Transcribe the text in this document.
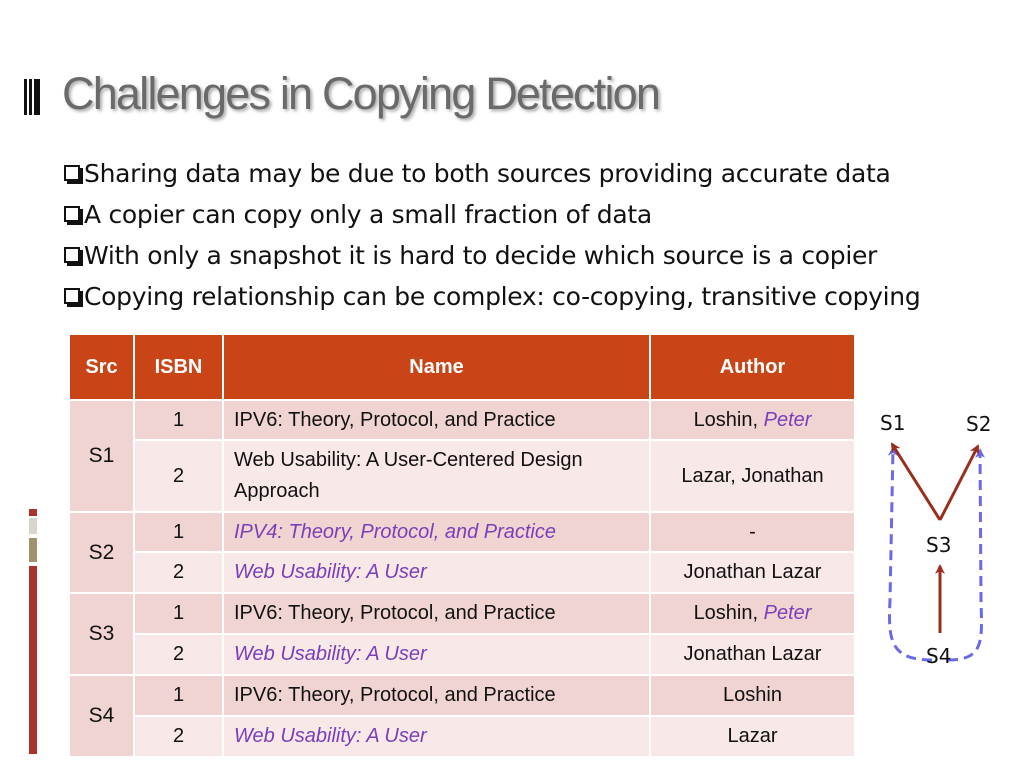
Challenges in Copying Detection
Sharing data may be due to both sources providing accurate data
A copier can copy only a small fraction of data
With only a snapshot it is hard to decide which source is a copier
Copying relationship can be complex: co-copying, transitive copying
Src	ISBN	Name	Author
S1	1	IPV6: Theory, Protocol, and Practice	Loshin, Peter
	2	Web Usability: A User-Centered Design Approach	Lazar, Jonathan
S2	1	IPV4: Theory, Protocol, and Practice	-
	2	Web Usability: A User	Jonathan Lazar
S3	1	IPV6: Theory, Protocol, and Practice	Loshin, Peter
	2	Web Usability: A User	Jonathan Lazar
S4	1	IPV6: Theory, Protocol, and Practice	Loshin
	2	Web Usability: A User	Lazar
S1	S2
S3
S4
